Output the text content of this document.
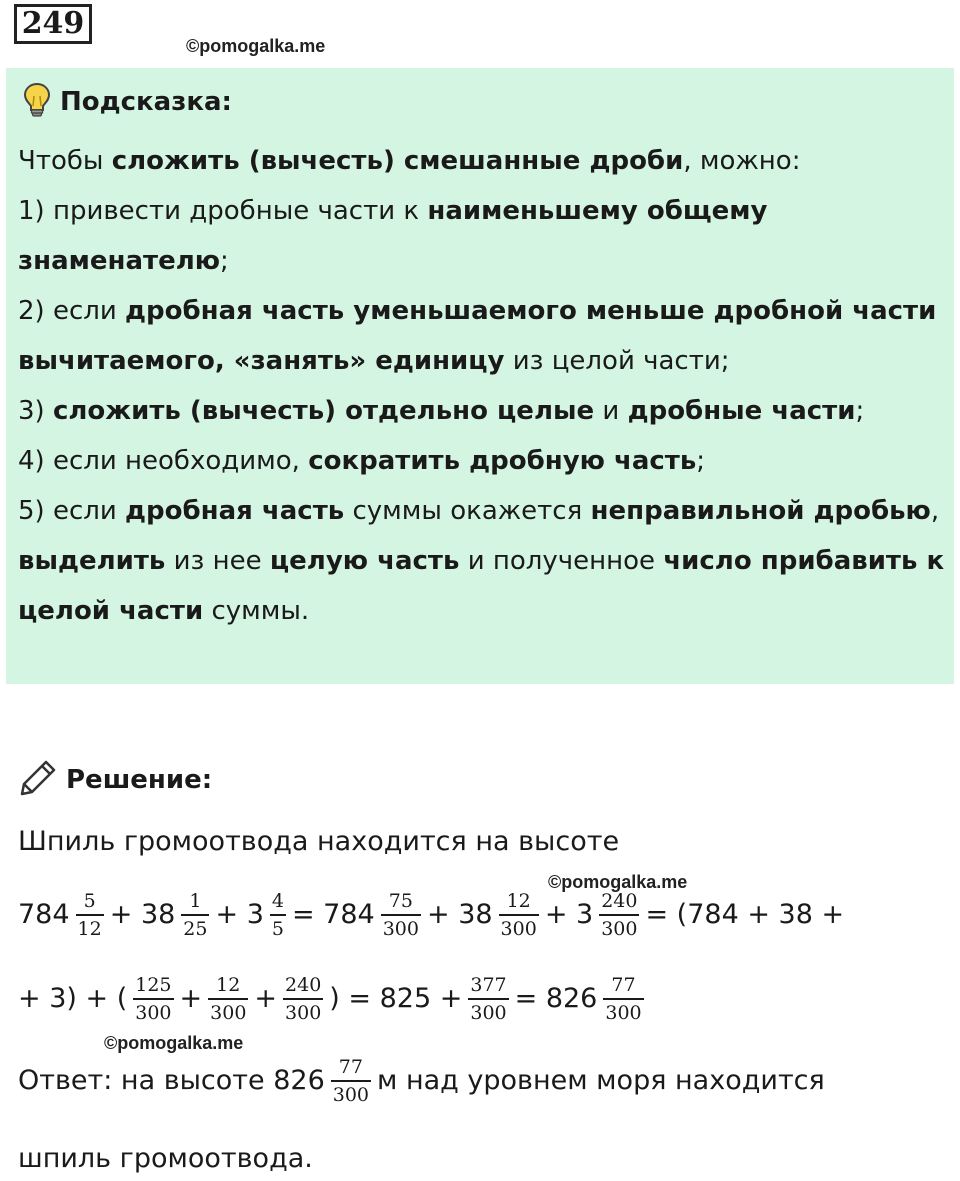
249
©pomogalka.me
Подсказка:

Чтобы сложить (вычесть) смешанные дроби, можно:

1) привести дробные части к наименьшему общему знаменателю;

2) если дробная часть уменьшаемого меньше дробной части вычитаемого, «занять» единицу из целой части;

3) сложить (вычесть) отдельно целые и дробные части;

4) если необходимо, сократить дробную часть;

5) если дробная часть суммы окажется неправильной дробью, выделить из нее целую часть и полученное число прибавить к целой части суммы.

Решение:
Шпиль громоотвода находится на высоте
©pomogalka.me
$784 \frac{5}{12} + 38 \frac{1}{25} + 3 \frac{4}{5} = 784 \frac{75}{300} + 38 \frac{12}{300} + 3 \frac{240}{300} = (784 + 38$ +
+ 3) + ( $\frac{125}{300} + \frac{12}{300} + \frac{240}{300}$ ) = $825 + \frac{377}{300} = 826 \frac{77}{300}$
©pomogalka.me
Ответ: на высоте $826 \frac{77}{300}$ м над уровнем моря находится
шпиль громоотвода.
